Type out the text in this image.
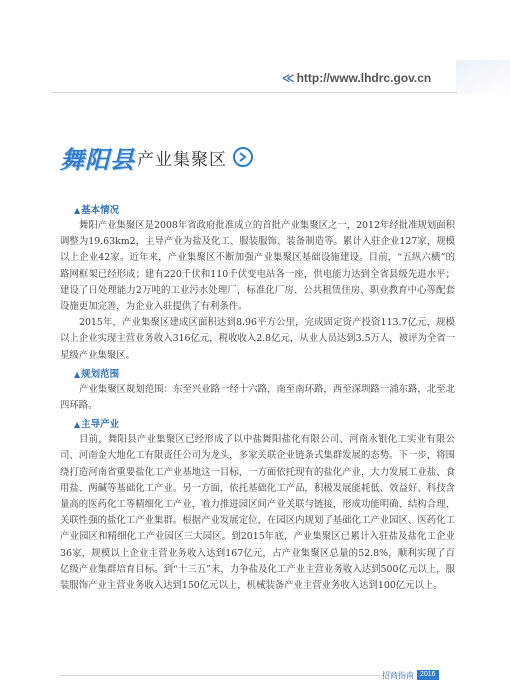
≪ http://www.lhdrc.gov.cn
舞阳县 产业集聚区
▲基本情况

舞阳产业集聚区是2008年省政府批准成立的首批产业集聚区之一，2012年经批准规划面积调整为19.63km2，主导产业为盐及化工、服装服饰、装备制造等。累计入驻企业127家，规模以上企业42家。近年来，产业集聚区不断加强产业集聚区基础设施建设。目前，“五纵六横”的路网框架已经形成；建有220千伏和110千伏变电站各一座，供电能力达到全省县级先进水平；建设了日处理能力2万吨的工业污水处理厂，标准化厂房、公共租赁住房、职业教育中心等配套设施更加完善，为企业入驻提供了有利条件。

2015年，产业集聚区建成区面积达到8.96平方公里，完成固定资产投资113.7亿元，规模以上企业实现主营业务收入316亿元，税收收入2.8亿元，从业人员达到3.5万人，被评为全省一星级产业集聚区。

▲规划范围

产业集聚区规划范围：东至兴业路一经十六路，南至南环路，西至深圳路一浦东路，北至北四环路。

▲主导产业

目前，舞阳县产业集聚区已经形成了以中盐舞阳盐化有限公司、河南永银化工实业有限公司、河南金大地化工有限责任公司为龙头，多家关联企业链条式集群发展的态势。下一步，将围绕打造河南省重要盐化工产业基地这一目标，一方面依托现有的盐化产业，大力发展工业盐、食用盐、两碱等基础化工产业。另一方面，依托基础化工产品，积极发展能耗低、效益好、科技含量高的医药化工等精细化工产业，着力推进园区间产业关联与链接，形成功能明确、结构合理、关联性强的盐化工产业集群。根据产业发展定位，在园区内规划了基础化工产业园区、医药化工产业园区和精细化工产业园区三大园区。到2015年底，产业集聚区已累计入驻盐及盐化工企业36家，规模以上企业主营业务收入达到167亿元，占产业集聚区总量的52.8%，顺利实现了百亿级产业集群培育目标。到“十三五”末，力争盐及化工产业主营业务收入达到500亿元以上，服装服饰产业主营业务收入达到150亿元以上，机械装备产业主营业务收入达到100亿元以上。

招商指南 2016
